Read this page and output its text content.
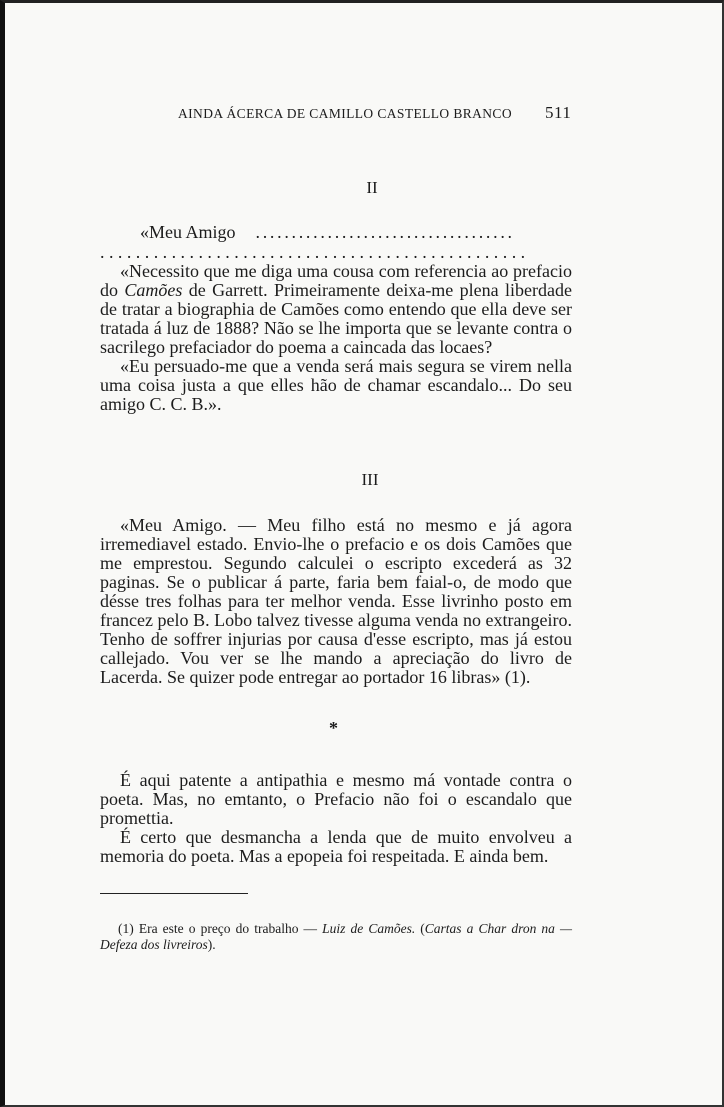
AINDA ÁCERCA DE CAMILLO CASTELLO BRANCO 511
II

«Meu Amigo ....................................

................................................

«Necessito que me diga uma cousa com referencia ao prefacio do Camões de Garrett. Primeiramente deixa-me plena liberdade de tratar a biographia de Camões como entendo que ella deve ser tratada á luz de 1888? Não se lhe importa que se levante contra o sacrilego prefaciador do poema a caincada das locaes?

«Eu persuado-me que a venda será mais segura se virem nella uma coisa justa a que elles hão de chamar escandalo... Do seu amigo C. C. B.».

III

«Meu Amigo. — Meu filho está no mesmo e já agora irremediavel estado. Envio-lhe o prefacio e os dois Camões que me emprestou. Segundo calculei o escripto excederá as 32 paginas. Se o publicar á parte, faria bem faial-o, de modo que désse tres folhas para ter melhor venda. Esse livrinho posto em francez pelo B. Lobo talvez tivesse alguma venda no extrangeiro. Tenho de soffrer injurias por causa d'esse escripto, mas já estou callejado. Vou ver se lhe mando a apreciação do livro de Lacerda. Se quizer pode entregar ao portador 16 libras» (1).

*

É aqui patente a antipathia e mesmo má vontade contra o poeta. Mas, no emtanto, o Prefacio não foi o escandalo que promettia.

É certo que desmancha a lenda que de muito envolveu a memoria do poeta. Mas a epopeia foi respeitada. E ainda bem.

(1) Era este o preço do trabalho — Luiz de Camões. (Cartas a Char dron na — Defeza dos livreiros).
